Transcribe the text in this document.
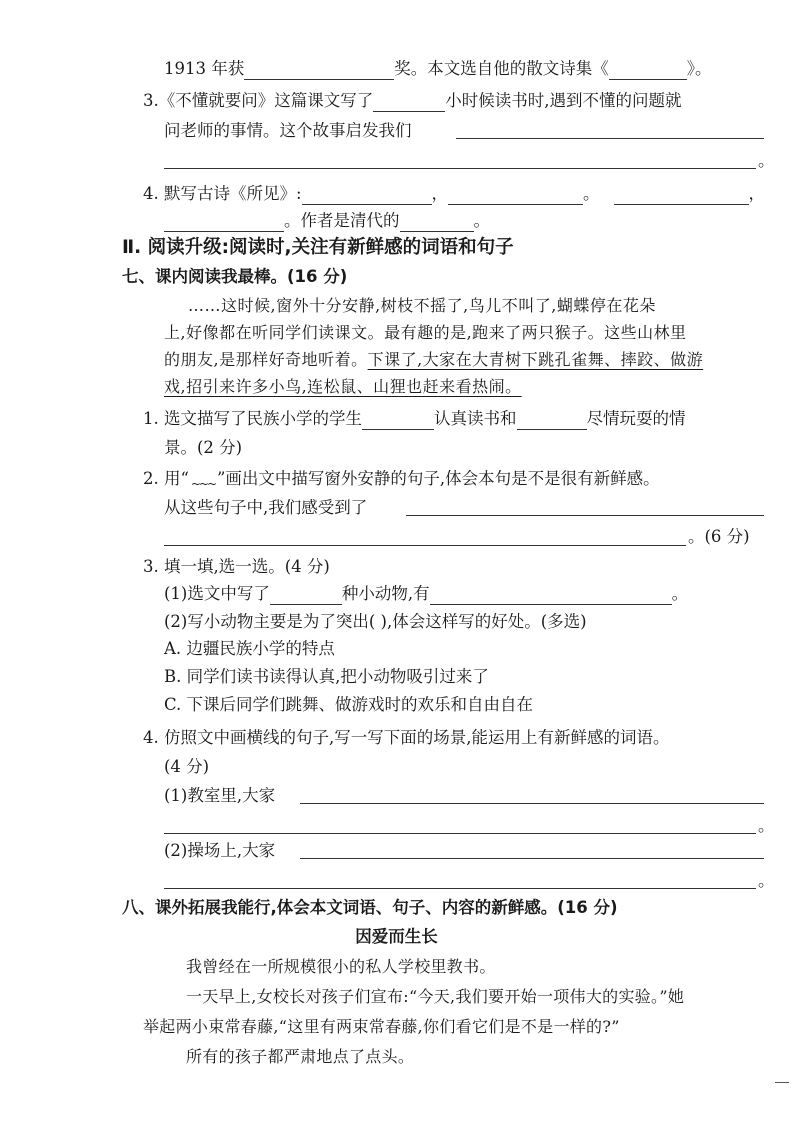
1913 年获	奖。本文选自他的散文诗集《	》。
3.《不懂就要问》这篇课文写了	小时候读书时,遇到不懂的问题就
问老师的事情。这个故事启发我们
。
4. 默写古诗《所见》:	，	。	，
。作者是清代的	。
Ⅱ. 阅读升级:阅读时,关注有新鲜感的词语和句子
七、课内阅读我最棒。(16 分)
……这时候,窗外十分安静,树枝不摇了,鸟儿不叫了,蝴蝶停在花朵
上,好像都在听同学们读课文。最有趣的是,跑来了两只猴子。这些山林里
的朋友,是那样好奇地听着。下课了,大家在大青树下跳孔雀舞、摔跤、做游
戏,招引来许多小鸟,连松鼠、山狸也赶来看热闹。
1. 选文描写了民族小学的学生	认真读书和	尽情玩耍的情
景。(2 分)
2. 用“ ~~~ ”画出文中描写窗外安静的句子,体会本句是不是很有新鲜感。
从这些句子中,我们感受到了
。(6 分)
3. 填一填,选一选。(4 分)
(1)选文中写了	种小动物,有	。
(2)写小动物主要是为了突出( ),体会这样写的好处。(多选)
A. 边疆民族小学的特点
B. 同学们读书读得认真,把小动物吸引过来了
C. 下课后同学们跳舞、做游戏时的欢乐和自由自在
4. 仿照文中画横线的句子,写一写下面的场景,能运用上有新鲜感的词语。
(4 分)
(1)教室里,大家
。
(2)操场上,大家
。
八、课外拓展我能行,体会本文词语、句子、内容的新鲜感。(16 分)
因爱而生长
我曾经在一所规模很小的私人学校里教书。
一天早上,女校长对孩子们宣布:“今天,我们要开始一项伟大的实验。”她
举起两小束常春藤,“这里有两束常春藤,你们看它们是不是一样的?”
所有的孩子都严肃地点了点头。
